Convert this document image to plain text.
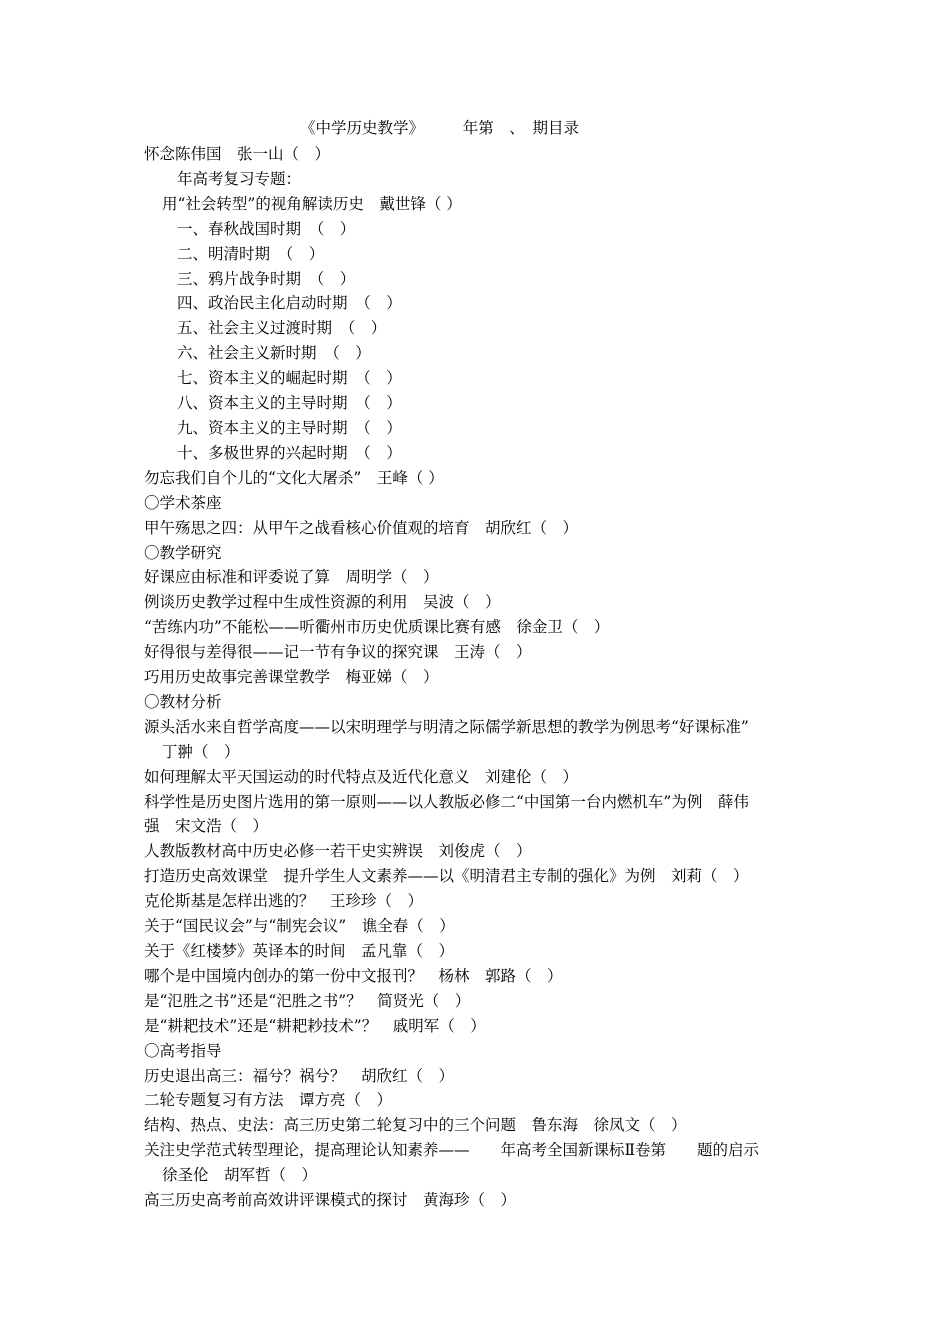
《中学历史教学》　　　年第　、　期目录
怀念陈伟国　张一山（　）
年高考复习专题：
用“社会转型”的视角解读历史　戴世锋（ ）
一、春秋战国时期　（　）
二、明清时期　（　）
三、鸦片战争时期　（　）
四、政治民主化启动时期　（　）
五、社会主义过渡时期　（　）
六、社会主义新时期　（　）
七、资本主义的崛起时期　（　）
八、资本主义的主导时期　（　）
九、资本主义的主导时期　（　）
十、多极世界的兴起时期　（　）
勿忘我们自个儿的“文化大屠杀”　王峰（ ）
〇学术茶座
甲午殇思之四：从甲午之战看核心价值观的培育　胡欣红（　）
〇教学研究
好课应由标准和评委说了算　周明学（　）
例谈历史教学过程中生成性资源的利用　吴波（　）
“苦练内功”不能松——听衢州市历史优质课比赛有感　徐金卫（　）
好得很与差得很——记一节有争议的探究课　王涛（　）
巧用历史故事完善课堂教学　梅亚娣（　）
〇教材分析
源头活水来自哲学高度——以宋明理学与明清之际儒学新思想的教学为例思考“好课标准”
丁翀（　）
如何理解太平天国运动的时代特点及近代化意义　刘建伦（　）
科学性是历史图片选用的第一原则——以人教版必修二“中国第一台内燃机车”为例　薛伟
强　宋文浩（　）
人教版教材高中历史必修一若干史实辨误　刘俊虎（　）
打造历史高效课堂　提升学生人文素养——以《明清君主专制的强化》为例　刘莉（　）
克伦斯基是怎样出逃的？　王珍珍（　）
关于“国民议会”与“制宪会议”　谯全春（　）
关于《红楼梦》英译本的时间　孟凡靠（　）
哪个是中国境内创办的第一份中文报刊？　杨林　郭路（　）
是“氾胜之书”还是“汜胜之书”？　简贤光（　）
是“耕耙技术”还是“耕耙耖技术”？　戚明军（　）
〇高考指导
历史退出高三：福兮？祸兮？　胡欣红（　）
二轮专题复习有方法　谭方亮（　）
结构、热点、史法：高三历史第二轮复习中的三个问题　鲁东海　徐凤文（　）
关注史学范式转型理论，提高理论认知素养——　　年高考全国新课标Ⅱ卷第　　题的启示
徐圣伦　胡军哲（　）
高三历史高考前高效讲评课模式的探讨　黄海珍（　）
